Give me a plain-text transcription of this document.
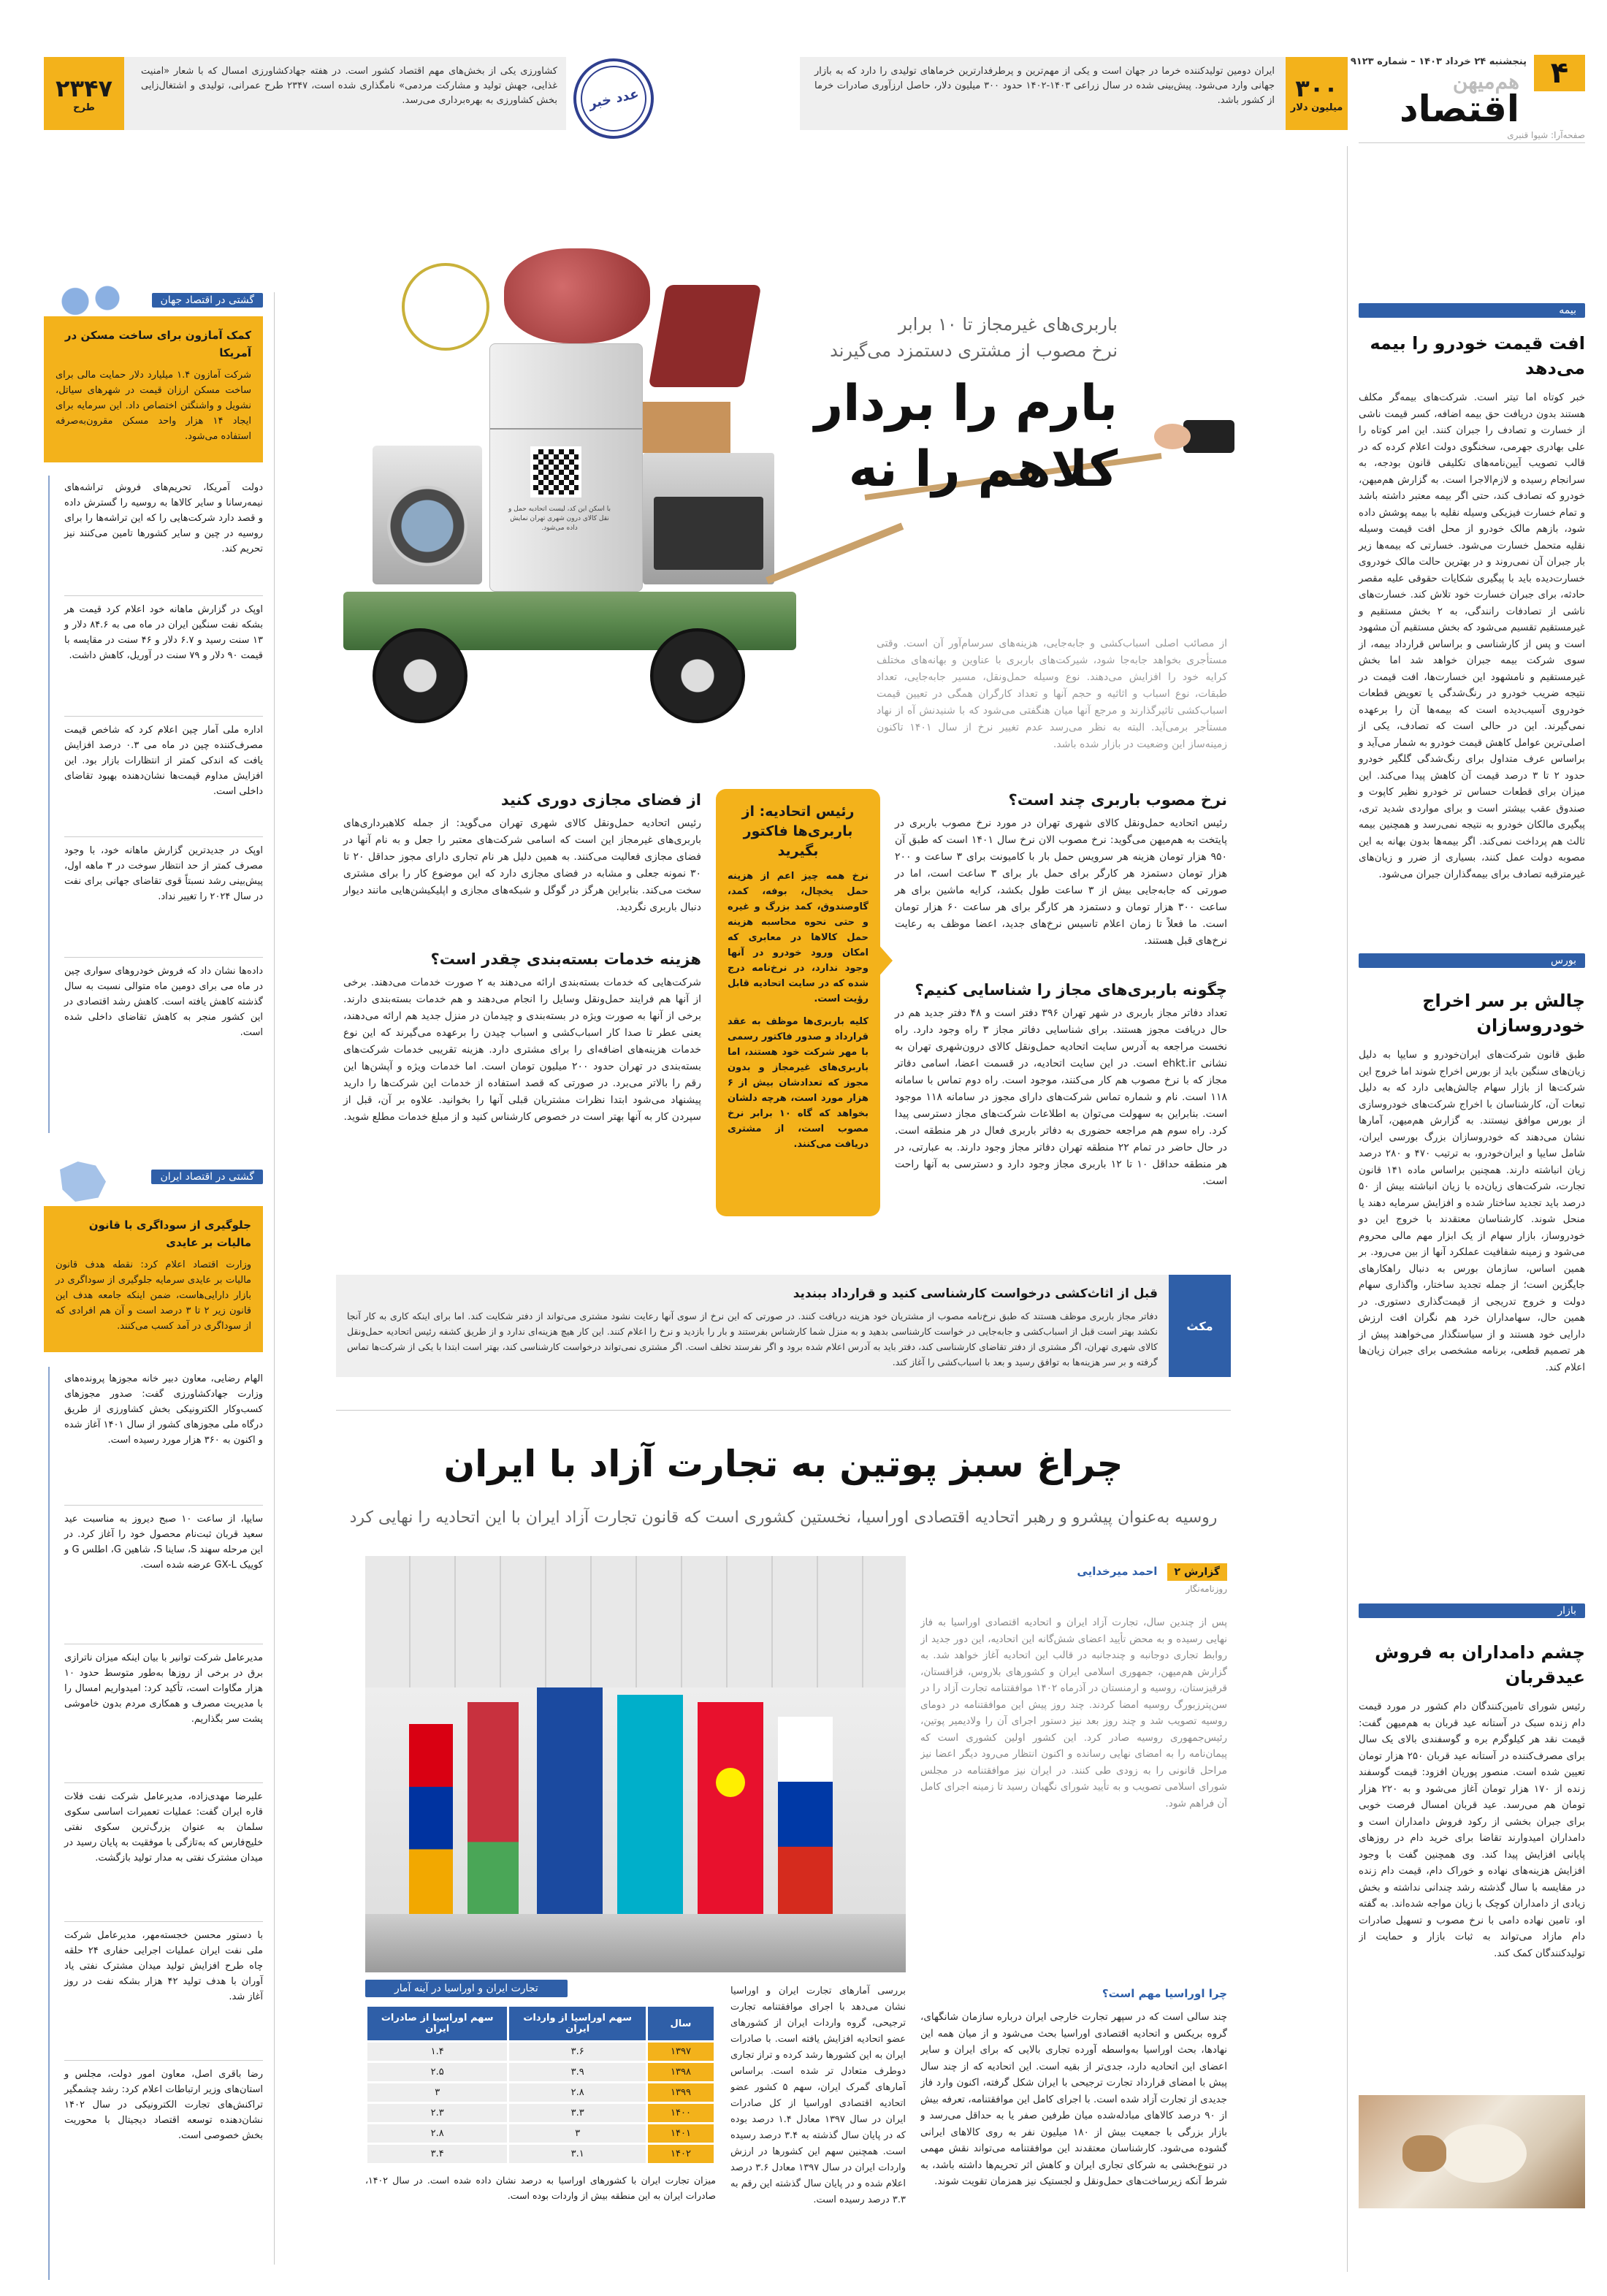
۴
پنجشنبه ۲۴ خرداد ۱۴۰۳ – شماره ۹۱۲۳
هم‌میهن
اقتصاد
صفحه‌آرا: شیوا قنبری
۳۰۰
میلیون دلار
ایران دومین تولیدکننده خرما در جهان است و یکی از مهم‌ترین و پرطرفدارترین خرماهای تولیدی را دارد که به بازار جهانی وارد می‌شود. پیش‌بینی شده در سال زراعی ۱۴۰۳-۱۴۰۲ حدود ۳۰۰ میلیون دلار، حاصل ارزآوری صادرات خرما از کشور باشد.
عدد خبر
کشاورزی یکی از بخش‌های مهم اقتصاد کشور است. در هفته جهادکشاورزی امسال که با شعار «امنیت غذایی، جهش تولید و مشارکت مردمی» نامگذاری شده است، ۲۳۴۷ طرح عمرانی، تولیدی و اشتغال‌زایی بخش کشاورزی به بهره‌برداری می‌رسد.
۲۳۴۷
طرح
بیمه
افت قیمت خودرو را بیمه می‌دهد
خبر کوتاه اما تیتر است. شرکت‌های بیمه‌گر مکلف هستند بدون دریافت حق بیمه اضافه، کسر قیمت ناشی از خسارت و تصادف را جبران کنند. این امر کوتاه را علی بهادری جهرمی، سخنگوی دولت اعلام کرده که در قالب تصویب آیین‌نامه‌های تکلیفی قانون بودجه، به سرانجام رسیده و لازم‌الاجرا است. به گزارش هم‌میهن، خودرو که تصادف کند، حتی اگر بیمه معتبر داشته باشد و تمام خسارت فیزیکی وسیله نقلیه با بیمه پوشش داده شود، بازهم مالک خودرو از محل افت قیمت وسیله نقلیه متحمل خسارت می‌شود. خسارتی که بیمه‌ها زیر بار جبران آن نمی‌روند و در بهترین حالت مالک خودروی خسارت‌دیده باید با پیگیری شکایات حقوقی علیه مقصر حادثه، برای جبران خسارت خود تلاش کند. خسارت‌های ناشی از تصادفات رانندگی، به ۲ بخش مستقیم و غیرمستقیم تقسیم می‌شود که بخش مستقیم آن مشهود است و پس از کارشناسی و براساس قرارداد بیمه، از سوی شرکت بیمه جبران خواهد شد اما بخش غیرمستقیم و نامشهود این خسارت‌ها، افت قیمت در نتیجه ضریب خودرو در رنگ‌شدگی یا تعویض قطعات خودروی آسیب‌دیده است که بیمه‌ها آن را برعهده نمی‌گیرند. این در حالی است که تصادف، یکی از اصلی‌ترین عوامل کاهش قیمت خودرو به شمار می‌آید و براساس عرف متداول برای رنگ‌شدگی گلگیر خودرو حدود ۲ تا ۳ درصد قیمت آن کاهش پیدا می‌کند. این میزان برای قطعات حساس تر خودرو نظیر کاپوت و صندوق عقب بیشتر است و برای مواردی شدید تری، پیگیری مالکان خودرو به نتیجه نمی‌رسد و همچنین بیمه ثالث هم پرداخت نمی‌کند. اگر بیمه‌ها بدون بهانه به این مصوبه دولت عمل کنند، بسیاری از ضرر و زیان‌های غیرمترقبه تصادف برای بیمه‌گذاران جبران می‌شود.
بورس
چالش بر سر اخراج خودروسازان
طبق قانون شرکت‌های ایران‌خودرو و سایپا به دلیل زیان‌های سنگین باید از بورس اخراج شوند اما خروج این شرکت‌ها از بازار سهام چالش‌هایی دارد که به دلیل تبعات آن، کارشناسان با اخراج شرکت‌های خودروسازی از بورس موافق نیستند. به گزارش هم‌میهن، آمارها نشان می‌دهند که خودروسازان بزرگ بورسی ایران، شامل سایپا و ایران‌خودرو، به ترتیب ۴۷۰ و ۲۸۰ درصد زیان انباشته دارند. همچنین براساس ماده ۱۴۱ قانون تجارت، شرکت‌های زیان‌ده با زیان انباشته بیش از ۵۰ درصد باید تجدید ساختار شده و افزایش سرمایه دهند یا منحل شوند. کارشناسان معتقدند با خروج این دو خودروساز، بازار سهام از یک ابزار مهم مالی محروم می‌شود و زمینه شفافیت عملکرد آنها از بین می‌رود. بر همین اساس، سازمان بورس به دنبال راهکارهای جایگزین است؛ از جمله تجدید ساختار، واگذاری سهام دولت و خروج تدریجی از قیمت‌گذاری دستوری. در همین حال، سهامداران خرد هم نگران افت ارزش دارایی خود هستند و از سیاستگذار می‌خواهند پیش از هر تصمیم قطعی، برنامه مشخصی برای جبران زیان‌ها اعلام کند.
بازار
چشم دامداران به فروش عیدقربان
رئیس شورای تامین‌کنندگان دام کشور در مورد قیمت دام زنده سبک در آستانه عید قربان به هم‌میهن گفت: قیمت نقد هر کیلوگرم بره و گوسفندی بالای یک سال برای مصرف‌کننده در آستانه عید قربان ۲۵۰ هزار تومان تعیین شده است. منصور پوریان افزود: قیمت گوسفند زنده از ۱۷۰ هزار تومان آغاز می‌شود و به ۲۲۰ هزار تومان هم می‌رسد. عید قربان امسال فرصت خوبی برای جبران بخشی از رکود فروش دامداران است و دامداران امیدوارند تقاضا برای خرید دام در روزهای پایانی افزایش پیدا کند. وی همچنین گفت با وجود افزایش هزینه‌های نهاده و خوراک دام، قیمت دام زنده در مقایسه با سال گذشته رشد چندانی نداشته و بخش زیادی از دامداران کوچک با زیان مواجه شده‌اند. به گفته او، تامین نهاده دامی با نرخ مصوب و تسهیل صادرات دام مازاد می‌تواند به ثبات بازار و حمایت از تولیدکنندگان کمک کند.
گشتی در اقتصاد جهان
کمک آمازون برای ساخت مسکن در آمریکا
شرکت آمازون ۱.۴ میلیارد دلار حمایت مالی برای ساخت مسکن ارزان قیمت در شهرهای سیاتل، نشویل و واشنگتن اختصاص داد. این سرمایه برای ایجاد ۱۴ هزار واحد مسکن مقرون‌به‌صرفه استفاده می‌شود.
دولت آمریکا، تحریم‌های فروش تراشه‌های نیمه‌رسانا و سایر کالاها به روسیه را گسترش داده و قصد دارد شرکت‌هایی را که این تراشه‌ها را برای روسیه در چین و سایر کشورها تامین می‌کنند نیز تحریم کند.
اوپک در گزارش ماهانه خود اعلام کرد قیمت هر بشکه نفت سنگین ایران در ماه می به ۸۴.۶ دلار و ۱۳ سنت رسید و ۶.۷ دلار و ۴۶ سنت در مقایسه با قیمت ۹۰ دلار و ۷۹ سنت در آوریل، کاهش داشت.
اداره ملی آمار چین اعلام کرد که شاخص قیمت مصرف‌کننده چین در ماه می ۰.۳ درصد افزایش یافت که اندکی کمتر از انتظارات بازار بود. این افزایش مداوم قیمت‌ها نشان‌دهنده بهبود تقاضای داخلی است.
اوپک در جدیدترین گزارش ماهانه خود، با وجود مصرف کمتر از حد انتظار سوخت در ۳ ماهه اول، پیش‌بینی رشد نسبتاً قوی تقاضای جهانی برای نفت در سال ۲۰۲۴ را تغییر نداد.
داده‌ها نشان داد که فروش خودروهای سواری چین در ماه می برای دومین ماه متوالی نسبت به سال گذشته کاهش یافته است. کاهش رشد اقتصادی در این کشور منجر به کاهش تقاضای داخلی شده است.
گشتی در اقتصاد ایران
جلوگیری از سوداگری با قانون مالیات بر عایدی
وزارت اقتصاد اعلام کرد: نقطه هدف قانون مالیات بر عایدی سرمایه جلوگیری از سوداگری در بازار دارایی‌هاست، ضمن اینکه جامعه هدف این قانون زیر ۲ تا ۳ درصد است و آن هم افرادی که از سوداگری در آمد کسب می‌کنند.
الهام رضایی، معاون دبیر خانه مجوزها پرونده‌های وزارت جهادکشاورزی گفت: صدور مجوزهای کسب‌وکار الکترونیکی بخش کشاورزی از طریق درگاه ملی مجوزهای کشور از سال ۱۴۰۱ آغاز شده و اکنون به ۳۶۰ هزار مورد رسیده است.
سایپا، از ساعت ۱۰ صبح دیروز به مناسبت عید سعید قربان ثبت‌نام محصول خود را آغاز کرد. در این مرحله سهند S، ساینا S، شاهین G، اطلس G و کوییک GX-L عرضه شده است.
مدیرعامل شرکت توانیر با بیان اینکه میزان ناترازی برق در برخی از روزها به‌طور متوسط حدود ۱۰ هزار مگاوات است، تأکید کرد: امیدواریم امسال را با مدیریت مصرف و همکاری مردم بدون خاموشی پشت سر بگذاریم.
علیرضا مهدی‌زاده، مدیرعامل شرکت نفت فلات قاره ایران گفت: عملیات تعمیرات اساسی سکوی سلمان به عنوان بزرگ‌ترین سکوی نفتی خلیج‌فارس که به‌تازگی با موفقیت به پایان رسید در میدان مشترک نفتی به مدار تولید بازگشت.
با دستور محسن خجسته‌مهر، مدیرعامل شرکت ملی نفت ایران عملیات اجرایی حفاری ۲۴ حلقه چاه طرح افزایش تولید میدان مشترک نفتی یاد آوران با هدف تولید ۴۲ هزار بشکه نفت در روز آغاز شد.
رضا باقری اصل، معاون امور دولت، مجلس و استان‌های وزیر ارتباطات اعلام کرد: رشد چشمگیر تراکنش‌های تجارت الکترونیکی در سال ۱۴۰۲ نشان‌دهنده توسعه اقتصاد دیجیتال با محوریت بخش خصوصی است.
با اسکن این کد، لیست اتحادیه حمل و نقل کالای درون شهری تهران نمایش داده می‌شود.
باربری‌های غیرمجاز تا ۱۰ برابر
نرخ مصوب از مشتری دستمزد می‌گیرند
بارم را بردار
کلاهم را نه
از مصائب اصلی اسباب‌کشی و جابه‌جایی، هزینه‌های سرسام‌آور آن است. وقتی مستأجری بخواهد جابه‌جا شود، شیرکت‌های باربری با عناوین و بهانه‌های مختلف کرایه خود را افزایش می‌دهند. نوع وسیله حمل‌ونقل، مسیر جابه‌جایی، تعداد طبقات، نوع اسباب و اثاثیه و حجم آنها و تعداد کارگران همگی در تعیین قیمت اسباب‌کشی تاثیرگذارند و مرجع آنها میان هنگفتی می‌شود که با شنیدنش آه از نهاد مستأجر برمی‌آید. البته به نظر می‌رسد عدم تغییر نرخ از سال ۱۴۰۱ تاکنون زمینه‌ساز این وضعیت در بازار شده باشد.
نرخ مصوب باربری چند است؟
رئیس اتحادیه حمل‌ونقل کالای شهری تهران در مورد نرخ مصوب باربری در پایتخت به هم‌میهن می‌گوید: نرخ مصوب الان نرخ سال ۱۴۰۱ است که طبق آن ۹۵۰ هزار تومان هزینه هر سرویس حمل بار با کامیونت برای ۳ ساعت و ۲۰۰ هزار تومان دستمزد هر کارگر برای حمل بار برای ۳ ساعت است، اما در صورتی که جابه‌جایی بیش از ۳ ساعت طول بکشد، کرایه ماشین برای هر ساعت ۳۰۰ هزار تومان و دستمزد هر کارگر برای هر ساعت ۶۰ هزار تومان است. ما فعلاً تا زمان اعلام تاسیس نرخ‌های جدید، اعضا موظف به رعایت نرخ‌های قبل هستند.
چگونه باربری‌های مجاز را شناسایی کنیم؟
تعداد دفاتر مجاز باربری در شهر تهران ۳۹۶ دفتر است و ۴۸ دفتر جدید هم در حال دریافت مجوز هستند. برای شناسایی دفاتر مجاز ۳ راه وجود دارد. راه نخست مراجعه به آدرس سایت اتحادیه حمل‌ونقل کالای درون‌شهری تهران به نشانی ehkt.ir است. در این سایت اتحادیه، در قسمت اعضا، اسامی دفاتر مجاز که با نرخ مصوب هم کار می‌کنند، موجود است. راه دوم تماس با سامانه ۱۱۸ است. نام و شماره تماس شرکت‌های دارای مجوز در سامانه ۱۱۸ موجود است. بنابراین به سهولت می‌توان به اطلاعات شرکت‌های مجاز دسترسی پیدا کرد. راه سوم هم مراجعه حضوری به دفاتر باربری فعال در هر منطقه است. در حال حاضر در تمام ۲۲ منطقه تهران دفاتر مجاز وجود دارند. به عبارتی، در هر منطقه حداقل ۱۰ تا ۱۲ باربری مجاز وجود دارد و دسترسی به آنها راحت است.
رئیس اتحادیه: از باربری‌ها فاکتور بگیرید
نرخ همه چیز اعم از هزینه حمل یخچال، بوفه، کمد، گاوصندوق، کمد بزرگ و غیره و حتی نحوه محاسبه هزینه حمل کالاها در معابری که امکان ورود خودرو در آنها وجود ندارد، در نرخ‌نامه درج شده که در سایت اتحادیه قابل رؤیت است.
کلیه باربری‌ها موظف به عقد قرارداد و صدور فاکتور رسمی با مهر شرکت خود هستند، اما باربری‌های غیرمجاز و بدون مجوز که تعدادشان بیش از ۶ هزار مورد است، هرچه دلشان بخواهد که گاه ۱۰ برابر نرخ مصوب است، از مشتری دریافت می‌کنند.
از فضای مجازی دوری کنید
رئیس اتحادیه حمل‌ونقل کالای شهری تهران می‌گوید: از جمله کلاهبرداری‌های باربری‌های غیرمجاز این است که اسامی شرکت‌های معتبر را جعل و به نام آنها در فضای مجازی فعالیت می‌کنند. به همین دلیل هر نام تجاری دارای مجوز حداقل ۲۰ تا ۳۰ نمونه جعلی و مشابه در فضای مجازی دارد که این موضوع کار را برای مشتری سخت می‌کند. بنابراین هرگز در گوگل و شبکه‌های مجازی و اپلیکیشن‌هایی مانند دیوار دنبال باربری نگردید.
هزینه خدمات بسته‌بندی چقدر است؟
شرکت‌هایی که خدمات بسته‌بندی ارائه می‌دهند به ۲ صورت خدمات می‌دهند. برخی از آنها هم فرایند حمل‌ونقل وسایل را انجام می‌دهند و هم خدمات بسته‌بندی دارند. برخی از آنها به صورت ویژه در بسته‌بندی و چیدمان در منزل جدید هم ارائه می‌دهند، یعنی عطر تا صدا کار اسباب‌کشی و اسباب چیدن را برعهده می‌گیرند که این نوع خدمات هزینه‌های اضافه‌ای را برای مشتری دارد. هزینه تقریبی خدمات شرکت‌های بسته‌بندی در تهران حدود ۲۰۰ میلیون تومان است. اما خدمات ویژه و آپشن‌ها این رقم را بالاتر می‌برد. در صورتی که قصد استفاده از خدمات این شرکت‌ها را دارید پیشنهاد می‌شود ابتدا نظرات مشتریان قبلی آنها را بخوانید. علاوه بر آن، قبل از سپردن کار به آنها بهتر است در خصوص کارشناس کنید و از مبلغ خدمات مطلع شوید.
مکث
قبل از اثاث‌کشی درخواست کارشناسی کنید و قرارداد ببندید
دفاتر مجاز باربری موظف هستند که طبق نرخ‌نامه مصوب از مشتریان خود هزینه دریافت کنند. در صورتی که این نرخ از سوی آنها رعایت نشود مشتری می‌تواند از دفتر شکایت کند. اما برای اینکه کاری به کار آنجا نکشد بهتر است قبل از اسباب‌کشی و جابه‌جایی در خواست کارشناسی بدهید و به منزل شما کارشناس بفرستند و بار را بازدید و نرخ را اعلام کنند. این کار هیچ هزینه‌ای ندارد و از طریق کشفه رئیس اتحادیه حمل‌ونقل کالای شهری تهران، اگر مشتری از دفتر تقاضای کارشناسی کند، دفتر باید به آدرس اعلام شده برود و اگر نفرستد تخلف است. اگر مشتری نمی‌تواند درخواست کارشناسی کند، بهتر است ابتدا با یکی از شرکت‌ها تماس گرفته و بر سر هزینه‌ها به توافق رسید و بعد با اسباب‌کشی را آغاز کند.
چراغ سبز پوتین به تجارت آزاد با ایران
روسیه به‌عنوان پیشرو و رهبر اتحادیه اقتصادی اوراسیا، نخستین کشوری است که قانون تجارت آزاد ایران با این اتحادیه را نهایی کرد
گزارش ۲ احمد میرخدایی
روزنامه‌نگار
پس از چندین سال، تجارت آزاد ایران و اتحادیه اقتصادی اوراسیا به فاز نهایی رسیده و به محض تأیید اعضای شش‌گانه این اتحادیه، این دور جدید از روابط تجاری دوجانبه و چندجانبه در قالب این اتحادیه آغاز خواهد شد. به گزارش هم‌میهن، جمهوری اسلامی ایران و کشورهای بلاروس، قزاقستان، قرقیزستان، روسیه و ارمنستان در آذرماه ۱۴۰۲ موافقتنامه تجارت آزاد را در سن‌پترزبورگ روسیه امضا کردند. چند روز پیش این موافقتنامه در دومای روسیه تصویب شد و چند روز بعد نیز دستور اجرای آن را ولادیمیر پوتین، رئیس‌جمهوری روسیه صادر کرد. این کشور اولین کشوری است که پیمان‌نامه را به امضای نهایی رسانده و اکنون انتظار می‌رود دیگر اعضا نیز مراحل قانونی را به زودی طی کنند. در ایران نیز موافقتنامه در مجلس شورای اسلامی تصویب و به تأیید شورای نگهبان رسید تا زمینه اجرای کامل آن فراهم شود.
چرا اوراسیا مهم است؟
چند سالی است که در سپهر تجارت خارجی ایران درباره سازمان شانگهای، گروه بریکس و اتحادیه اقتصادی اوراسیا بحث می‌شود و از میان همه این نهادها، بحث اوراسیا به‌واسطه آورده تجاری بالایی که برای ایران و سایر اعضای این اتحادیه دارد، جدی‌تر از بقیه است. این اتحادیه که از چند سال پیش با امضای قرارداد تجارت ترجیحی با ایران شکل گرفته، اکنون وارد فاز جدیدی از تجارت آزاد شده است. با اجرای کامل این موافقتنامه، تعرفه بیش از ۹۰ درصد کالاهای مبادله‌شده میان طرفین صفر یا به حداقل می‌رسد و بازار بزرگی با جمعیت بیش از ۱۸۰ میلیون نفر به روی کالاهای ایرانی گشوده می‌شود. کارشناسان معتقدند این موافقتنامه می‌تواند نقش مهمی در تنوع‌بخشی به شرکای تجاری ایران و کاهش اثر تحریم‌ها داشته باشد، به شرط آنکه زیرساخت‌های حمل‌ونقل و لجستیک نیز همزمان تقویت شوند.
بررسی آمارهای تجارت ایران و اوراسیا نشان می‌دهد با اجرای موافقتنامه تجارت ترجیحی، گروه واردات ایران از کشورهای عضو اتحادیه افزایش یافته است. با صادرات ایران به این کشورها رشد کرده و تراز تجاری دوطرف متعادل تر شده است. براساس آمارهای گمرک ایران، سهم ۵ کشور عضو اتحادیه اقتصادی اوراسیا از کل صادرات ایران در سال ۱۳۹۷ معادل ۱.۴ درصد بوده که در پایان سال گذشته به ۳.۴ درصد رسیده است. همچنین سهم این کشورها در ارزش واردات ایران در سال ۱۳۹۷ معادل ۳.۶ درصد اعلام شده و در پایان سال گذشته این رقم به ۳.۳ درصد رسیده است.
تجارت ایران و اوراسیا در آینه آمار
سال	سهم اوراسیا از واردات ایران	سهم اوراسیا از صادرات ایران
۱۳۹۷	۳.۶	۱.۴
۱۳۹۸	۳.۹	۲.۵
۱۳۹۹	۲.۸	۳
۱۴۰۰	۳.۳	۲.۳
۱۴۰۱	۳	۲.۸
۱۴۰۲	۳.۱	۳.۴
میزان تجارت ایران با کشورهای اوراسیا به درصد نشان داده شده است. در سال ۱۴۰۲، صادرات ایران به این منطقه بیش از واردات بوده است.
